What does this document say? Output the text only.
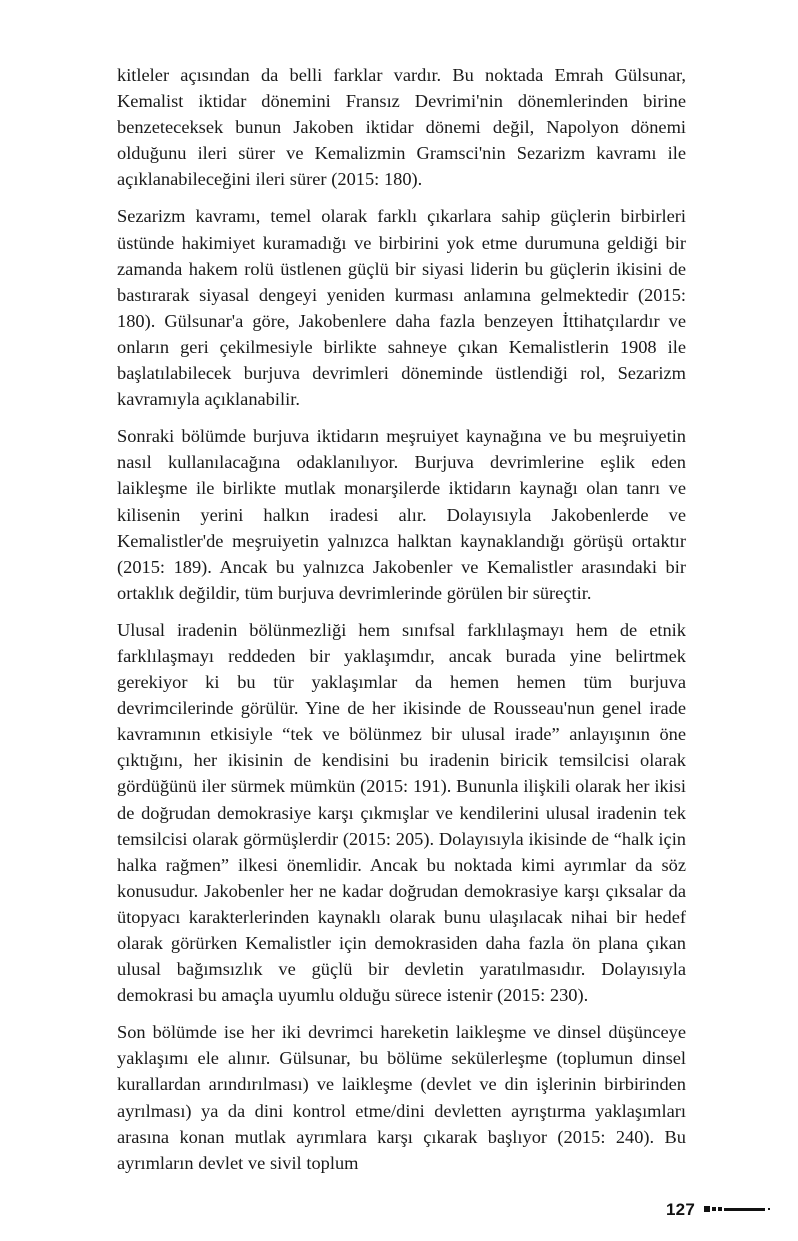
kitleler açısından da belli farklar vardır. Bu noktada Emrah Gülsunar, Kemalist iktidar dönemini Fransız Devrimi'nin dönemlerinden birine benzeteceksek bunun Jakoben iktidar dönemi değil, Napolyon dönemi olduğunu ileri sürer ve Kemalizmin Gramsci'nin Sezarizm kavramı ile açıklanabileceğini ileri sürer (2015: 180).

Sezarizm kavramı, temel olarak farklı çıkarlara sahip güçlerin birbirleri üstünde hakimiyet kuramadığı ve birbirini yok etme durumuna geldiği bir zamanda hakem rolü üstlenen güçlü bir siyasi liderin bu güçlerin ikisini de bastırarak siyasal dengeyi yeniden kurması anlamına gelmektedir (2015: 180). Gülsunar'a göre, Jakobenlere daha fazla benzeyen İttihatçılardır ve onların geri çekilmesiyle birlikte sahneye çıkan Kemalistlerin 1908 ile başlatılabilecek burjuva devrimleri döneminde üstlendiği rol, Sezarizm kavramıyla açıklanabilir.

Sonraki bölümde burjuva iktidarın meşruiyet kaynağına ve bu meşruiyetin nasıl kullanılacağına odaklanılıyor. Burjuva devrimlerine eşlik eden laikleşme ile birlikte mutlak monarşilerde iktidarın kaynağı olan tanrı ve kilisenin yerini halkın iradesi alır. Dolayısıyla Jakobenlerde ve Kemalistler'de meşruiyetin yalnızca halktan kaynaklandığı görüşü ortaktır (2015: 189). Ancak bu yalnızca Jakobenler ve Kemalistler arasındaki bir ortaklık değildir, tüm burjuva devrimlerinde görülen bir süreçtir.

Ulusal iradenin bölünmezliği hem sınıfsal farklılaşmayı hem de etnik farklılaşmayı reddeden bir yaklaşımdır, ancak burada yine belirtmek gerekiyor ki bu tür yaklaşımlar da hemen hemen tüm burjuva devrimcilerinde görülür. Yine de her ikisinde de Rousseau'nun genel irade kavramının etkisiyle “tek ve bölünmez bir ulusal irade” anlayışının öne çıktığını, her ikisinin de kendisini bu iradenin biricik temsilcisi olarak gördüğünü iler sürmek mümkün (2015: 191). Bununla ilişkili olarak her ikisi de doğrudan demokrasiye karşı çıkmışlar ve kendilerini ulusal iradenin tek temsilcisi olarak görmüşlerdir (2015: 205). Dolayısıyla ikisinde de “halk için halka rağmen” ilkesi önemlidir. Ancak bu noktada kimi ayrımlar da söz konusudur. Jakobenler her ne kadar doğrudan demokrasiye karşı çıksalar da ütopyacı karakterlerinden kaynaklı olarak bunu ulaşılacak nihai bir hedef olarak görürken Kemalistler için demokrasiden daha fazla ön plana çıkan ulusal bağımsızlık ve güçlü bir devletin yaratılmasıdır. Dolayısıyla demokrasi bu amaçla uyumlu olduğu sürece istenir (2015: 230).

Son bölümde ise her iki devrimci hareketin laikleşme ve dinsel düşünceye yaklaşımı ele alınır. Gülsunar, bu bölüme sekülerleşme (toplumun dinsel kurallardan arındırılması) ve laikleşme (devlet ve din işlerinin birbirinden ayrılması) ya da dini kontrol etme/dini devletten ayrıştırma yaklaşımları arasına konan mutlak ayrımlara karşı çıkarak başlıyor (2015: 240). Bu ayrımların devlet ve sivil toplum

127
